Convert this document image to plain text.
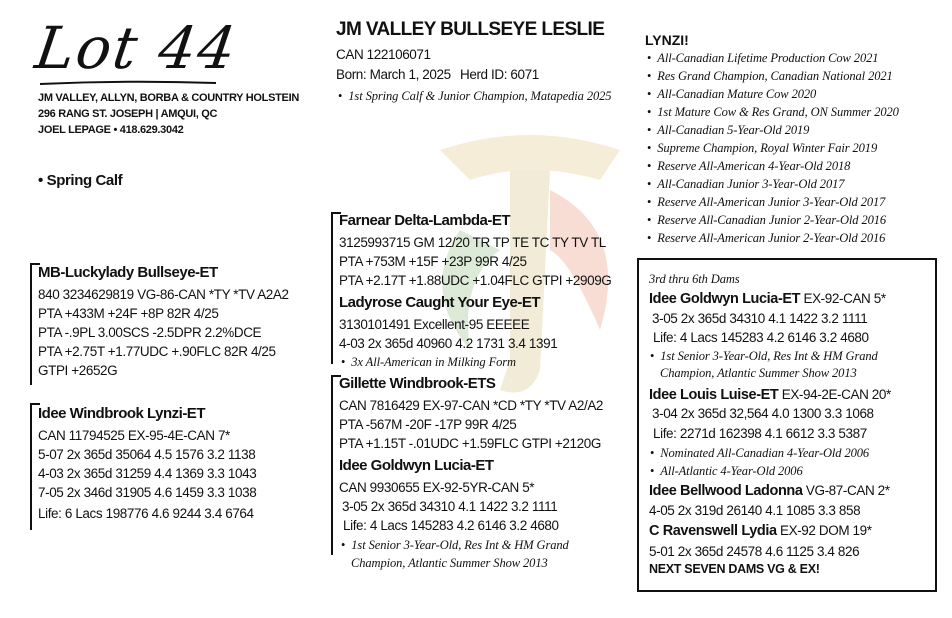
Lot 44
JM VALLEY, ALLYN, BORBA & COUNTRY HOLSTEIN
296 RANG ST. JOSEPH | AMQUI, QC
JOEL LEPAGE • 418.629.3042
• Spring Calf
JM VALLEY BULLSEYE LESLIE
CAN 122106071
Born: March 1, 2025 Herd ID: 6071
• 1st Spring Calf & Junior Champion, Matapedia 2025
MB-Luckylady Bullseye-ET
840 3234629819 VG-86-CAN *TY *TV A2A2
PTA +433M +24F +8P 82R 4/25
PTA -.9PL 3.00SCS -2.5DPR 2.2%DCE
PTA +2.75T +1.77UDC +.90FLC 82R 4/25
GTPI +2652G
Idee Windbrook Lynzi-ET
CAN 11794525 EX-95-4E-CAN 7*
5-07 2x 365d 35064 4.5 1576 3.2 1138
4-03 2x 365d 31259 4.4 1369 3.3 1043
7-05 2x 346d 31905 4.6 1459 3.3 1038
Life: 6 Lacs 198776 4.6 9244 3.4 6764
Farnear Delta-Lambda-ET
3125993715 GM 12/20 TR TP TE TC TY TV TL
PTA +753M +15F +23P 99R 4/25
PTA +2.17T +1.88UDC +1.04FLC GTPI +2909G
Ladyrose Caught Your Eye-ET
3130101491 Excellent-95 EEEEE
4-03 2x 365d 40960 4.2 1731 3.4 1391
• 3x All-American in Milking Form
Gillette Windbrook-ETS
CAN 7816429 EX-97-CAN *CD *TY *TV A2/A2
PTA -567M -20F -17P 99R 4/25
PTA +1.15T -.01UDC +1.59FLC GTPI +2120G
Idee Goldwyn Lucia-ET
CAN 9930655 EX-92-5YR-CAN 5*
3-05 2x 365d 34310 4.1 1422 3.2 1111
Life: 4 Lacs 145283 4.2 6146 3.2 4680
• 1st Senior 3-Year-Old, Res Int & HM Grand
Champion, Atlantic Summer Show 2013
LYNZI!
• All-Canadian Lifetime Production Cow 2021
• Res Grand Champion, Canadian National 2021
• All-Canadian Mature Cow 2020
• 1st Mature Cow & Res Grand, ON Summer 2020
• All-Canadian 5-Year-Old 2019
• Supreme Champion, Royal Winter Fair 2019
• Reserve All-American 4-Year-Old 2018
• All-Canadian Junior 3-Year-Old 2017
• Reserve All-American Junior 3-Year-Old 2017
• Reserve All-Canadian Junior 2-Year-Old 2016
• Reserve All-American Junior 2-Year-Old 2016
3rd thru 6th Dams
Idee Goldwyn Lucia-ET EX-92-CAN 5*
3-05 2x 365d 34310 4.1 1422 3.2 1111
Life: 4 Lacs 145283 4.2 6146 3.2 4680
• 1st Senior 3-Year-Old, Res Int & HM Grand
Champion, Atlantic Summer Show 2013
Idee Louis Luise-ET EX-94-2E-CAN 20*
3-04 2x 365d 32,564 4.0 1300 3.3 1068
Life: 2271d 162398 4.1 6612 3.3 5387
• Nominated All-Canadian 4-Year-Old 2006
• All-Atlantic 4-Year-Old 2006
Idee Bellwood Ladonna VG-87-CAN 2*
4-05 2x 319d 26140 4.1 1085 3.3 858
C Ravenswell Lydia EX-92 DOM 19*
5-01 2x 365d 24578 4.6 1125 3.4 826
NEXT SEVEN DAMS VG & EX!
